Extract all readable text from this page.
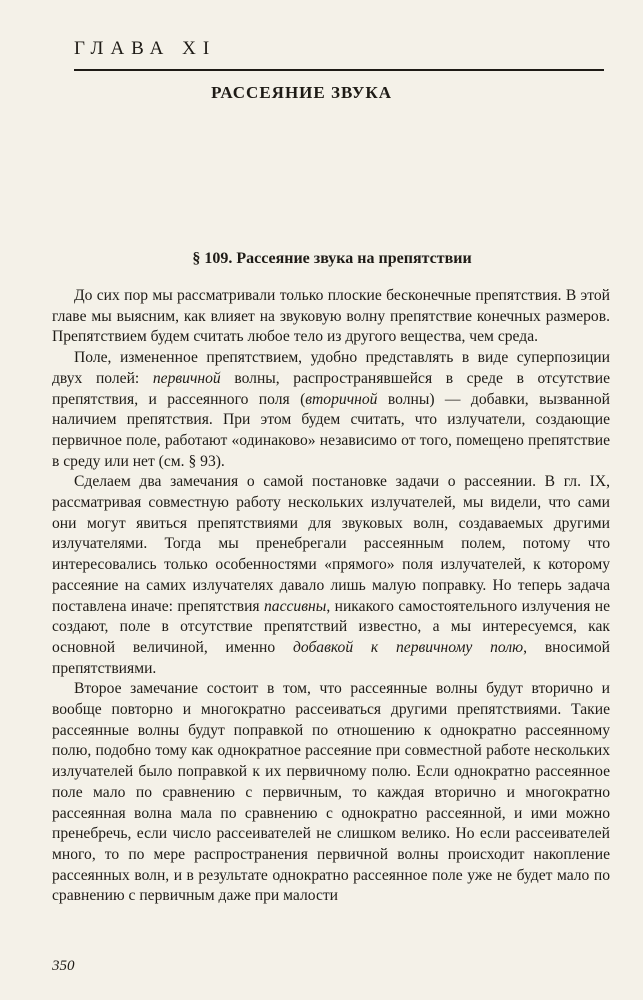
ГЛАВА XI
РАССЕЯНИЕ ЗВУКА
§ 109. Рассеяние звука на препятствии

До сих пор мы рассматривали только плоские бесконечные препятствия. В этой главе мы выясним, как влияет на звуковую волну препятствие конечных размеров. Препятствием будем считать любое тело из другого вещества, чем среда.

Поле, измененное препятствием, удобно представлять в виде суперпозиции двух полей: первичной волны, распространявшейся в среде в отсутствие препятствия, и рассеянного поля (вторичной волны) — добавки, вызванной наличием препятствия. При этом будем считать, что излучатели, создающие первичное поле, работают «одинаково» независимо от того, помещено препятствие в среду или нет (см. § 93).

Сделаем два замечания о самой постановке задачи о рассеянии. В гл. IX, рассматривая совместную работу нескольких излучателей, мы видели, что сами они могут явиться препятствиями для звуковых волн, создаваемых другими излучателями. Тогда мы пренебрегали рассеянным полем, потому что интересовались только особенностями «прямого» поля излучателей, к которому рассеяние на самих излучателях давало лишь малую поправку. Но теперь задача поставлена иначе: препятствия пассивны, никакого самостоятельного излучения не создают, поле в отсутствие препятствий известно, а мы интересуемся, как основной величиной, именно добавкой к первичному полю, вносимой препятствиями.

Второе замечание состоит в том, что рассеянные волны будут вторично и вообще повторно и многократно рассеиваться другими препятствиями. Такие рассеянные волны будут поправкой по отношению к однократно рассеянному полю, подобно тому как однократное рассеяние при совместной работе нескольких излучателей было поправкой к их первичному полю. Если однократно рассеянное поле мало по сравнению с первичным, то каждая вторично и многократно рассеянная волна мала по сравнению с однократно рассеянной, и ими можно пренебречь, если число рассеивателей не слишком велико. Но если рассеивателей много, то по мере распространения первичной волны происходит накопление рассеянных волн, и в результате однократно рассеянное поле уже не будет мало по сравнению с первичным даже при малости

350
